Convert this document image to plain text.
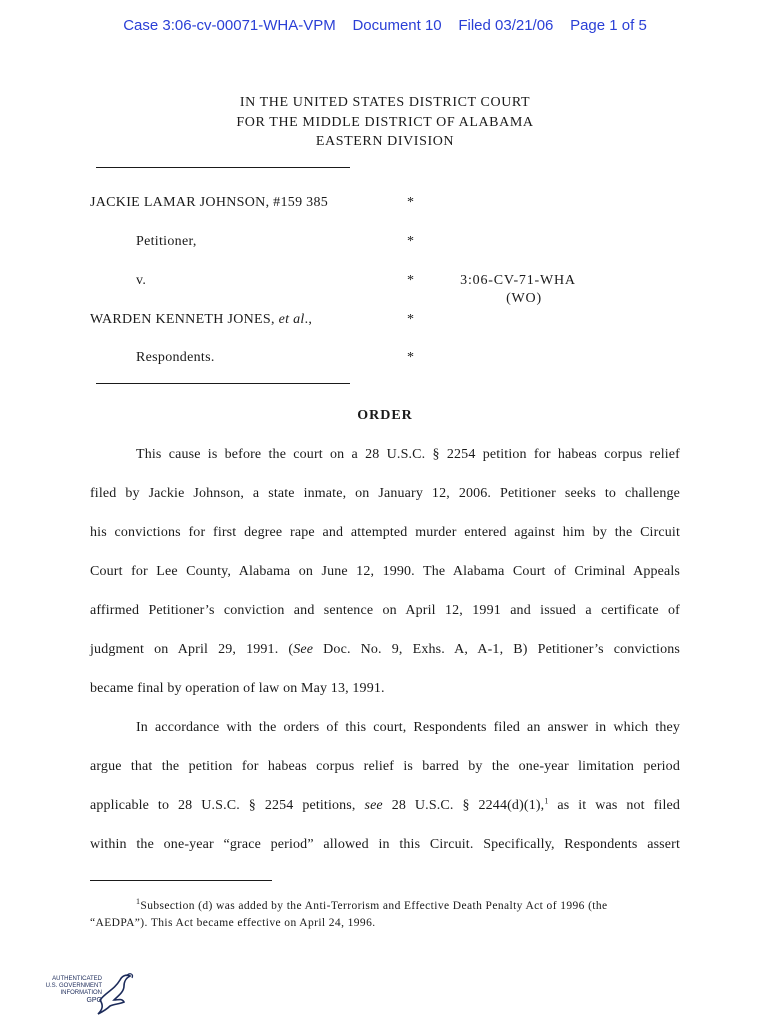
Case 3:06-cv-00071-WHA-VPM Document 10 Filed 03/21/06 Page 1 of 5
IN THE UNITED STATES DISTRICT COURT
FOR THE MIDDLE DISTRICT OF ALABAMA
EASTERN DIVISION
JACKIE LAMAR JOHNSON, #159 385	*
Petitioner,	*
v.	*	3:06-CV-71-WHA
(WO)
WARDEN KENNETH JONES, et al.,	*
Respondents.	*
ORDER
This cause is before the court on a 28 U.S.C. § 2254 petition for habeas corpus relief
filed by Jackie Johnson, a state inmate, on January 12, 2006. Petitioner seeks to challenge
his convictions for first degree rape and attempted murder entered against him by the Circuit
Court for Lee County, Alabama on June 12, 1990. The Alabama Court of Criminal Appeals
affirmed Petitioner’s conviction and sentence on April 12, 1991 and issued a certificate of
judgment on April 29, 1991. (See Doc. No. 9, Exhs. A, A-1, B) Petitioner’s convictions
became final by operation of law on May 13, 1991.
In accordance with the orders of this court, Respondents filed an answer in which they
argue that the petition for habeas corpus relief is barred by the one-year limitation period
applicable to 28 U.S.C. § 2254 petitions, see 28 U.S.C. § 2244(d)(1),$^1$ as it was not filed
within the one-year “grace period” allowed in this Circuit. Specifically, Respondents assert
$^1$Subsection (d) was added by the Anti-Terrorism and Effective Death Penalty Act of 1996 (the
“AEDPA”). This Act became effective on April 24, 1996.
AUTHENTICATED
U.S. GOVERNMENT
INFORMATION
GPO
